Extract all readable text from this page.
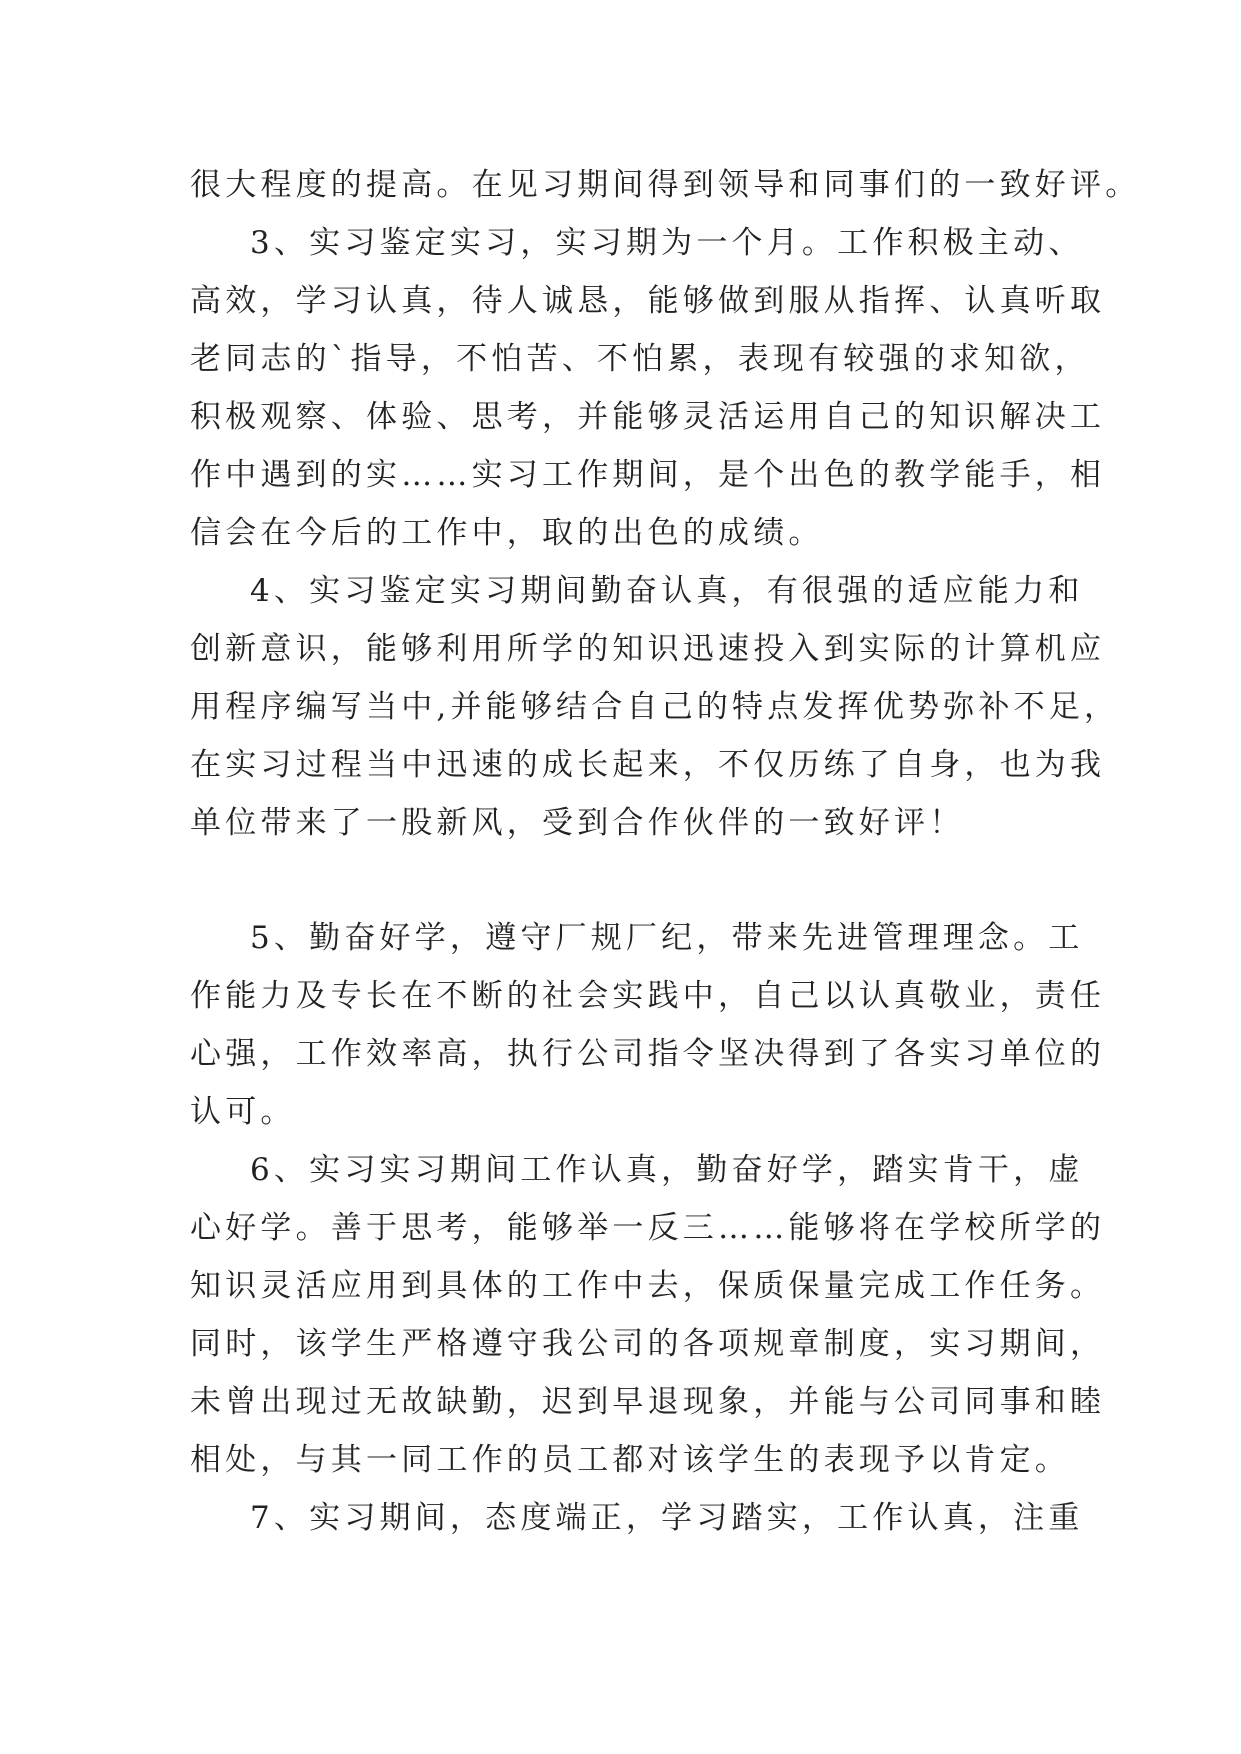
很大程度的提高。在见习期间得到领导和同事们的一致好评。
3、实习鉴定实习，实习期为一个月。工作积极主动、
高效，学习认真，待人诚恳，能够做到服从指挥、认真听取
老同志的`指导，不怕苦、不怕累，表现有较强的求知欲，
积极观察、体验、思考，并能够灵活运用自己的知识解决工
作中遇到的实……实习工作期间，是个出色的教学能手，相
信会在今后的工作中，取的出色的成绩。
4、实习鉴定实习期间勤奋认真，有很强的适应能力和
创新意识，能够利用所学的知识迅速投入到实际的计算机应
用程序编写当中,并能够结合自己的特点发挥优势弥补不足，
在实习过程当中迅速的成长起来，不仅历练了自身，也为我
单位带来了一股新风，受到合作伙伴的一致好评！
5、勤奋好学，遵守厂规厂纪，带来先进管理理念。工
作能力及专长在不断的社会实践中，自己以认真敬业，责任
心强，工作效率高，执行公司指令坚决得到了各实习单位的
认可。
6、实习实习期间工作认真，勤奋好学，踏实肯干，虚
心好学。善于思考，能够举一反三……能够将在学校所学的
知识灵活应用到具体的工作中去，保质保量完成工作任务。
同时，该学生严格遵守我公司的各项规章制度，实习期间，
未曾出现过无故缺勤，迟到早退现象，并能与公司同事和睦
相处，与其一同工作的员工都对该学生的表现予以肯定。
7、实习期间，态度端正，学习踏实，工作认真，注重
